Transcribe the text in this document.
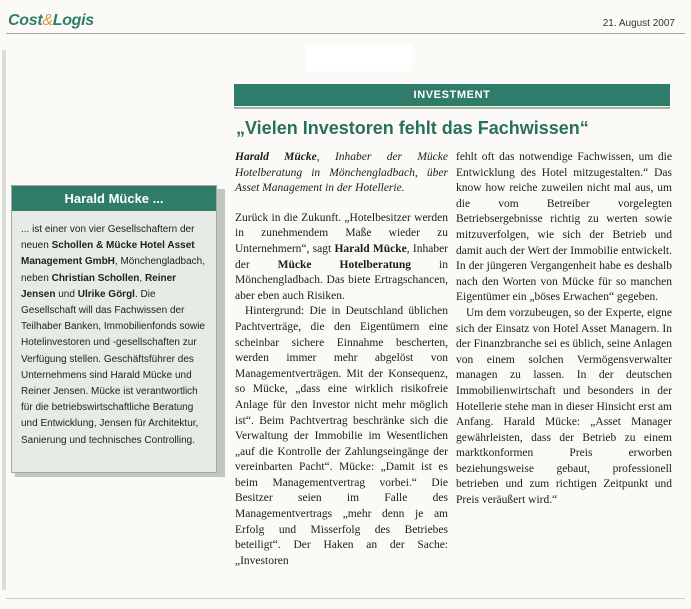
Cost&Logis	21. August 2007
Harald Mücke ...
... ist einer von vier Gesellschaftern der neuen Schollen & Mücke Hotel Asset Management GmbH, Mönchengladbach, neben Christian Schollen, Reiner Jensen und Ulrike Görgl. Die Gesellschaft will das Fachwissen der Teilhaber Banken, Immobilienfonds sowie Hotelinvestoren und -gesellschaften zur Verfügung stellen. Geschäftsführer des Unternehmens sind Harald Mücke und Reiner Jensen. Mücke ist verantwortlich für die betriebswirtschaftliche Beratung und Entwicklung, Jensen für Architektur, Sanierung und technisches Controlling.
INVESTMENT
„Vielen Investoren fehlt das Fachwissen“

Harald Mücke, Inhaber der Mücke Hotelberatung in Mönchengladbach, über Asset Management in der Hotellerie.

Zurück in die Zukunft. „Hotelbesitzer werden in zunehmendem Maße wieder zu Unternehmern“, sagt Harald Mücke, Inhaber der Mücke Hotelberatung in Mönchengladbach. Das biete Ertragschancen, aber eben auch Risiken.

Hintergrund: Die in Deutschland üblichen Pachtverträge, die den Eigentümern eine scheinbar sichere Einnahme bescherten, werden immer mehr abgelöst von Managementverträgen. Mit der Konsequenz, so Mücke, „dass eine wirklich risikofreie Anlage für den Investor nicht mehr möglich ist“. Beim Pachtvertrag beschränke sich die Verwaltung der Immobilie im Wesentlichen „auf die Kontrolle der Zahlungseingänge der vereinbarten Pacht“. Mücke: „Damit ist es beim Managementvertrag vorbei.“ Die Besitzer seien im Falle des Managementvertrags „mehr denn je am Erfolg und Misserfolg des Betriebes beteiligt“. Der Haken an der Sache: „Investoren

fehlt oft das notwendige Fachwissen, um die Entwicklung des Hotel mitzugestalten.“ Das know how reiche zuweilen nicht mal aus, um die vom Betreiber vorgelegten Betriebsergebnisse richtig zu werten sowie mitzuverfolgen, wie sich der Betrieb und damit auch der Wert der Immobilie entwickelt. In der jüngeren Vergangenheit habe es deshalb nach den Worten von Mücke für so manchen Eigentümer ein „böses Erwachen“ gegeben.

Um dem vorzubeugen, so der Experte, eigne sich der Einsatz von Hotel Asset Managern. In der Finanzbranche sei es üblich, seine Anlagen von einem solchen Vermögensverwalter managen zu lassen. In der deutschen Immobilienwirtschaft und besonders in der Hotellerie stehe man in dieser Hinsicht erst am Anfang. Harald Mücke: „Asset Manager gewährleisten, dass der Betrieb zu einem marktkonformen Preis erworben beziehungsweise gebaut, professionell betrieben und zum richtigen Zeitpunkt und Preis veräußert wird.“
